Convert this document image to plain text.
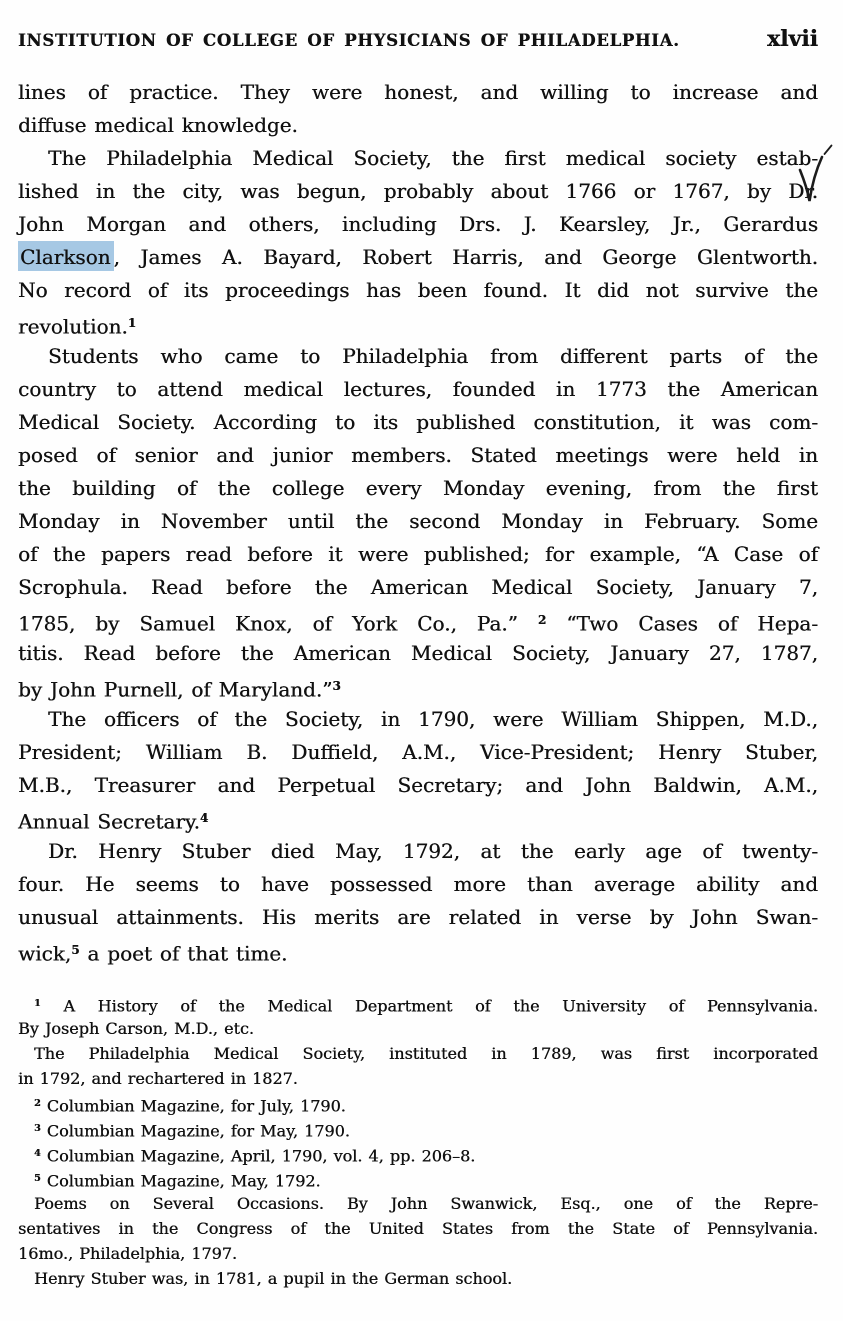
INSTITUTION OF COLLEGE OF PHYSICIANS OF PHILADELPHIA.	xlvii
lines of practice. They were honest, and willing to increase and
diffuse medical knowledge.
The Philadelphia Medical Society, the first medical society estab-
lished in the city, was begun, probably about 1766 or 1767, by Dr.
John Morgan and others, including Drs. J. Kearsley, Jr., Gerardus
Clarkson , James A. Bayard, Robert Harris, and George Glentworth.
No record of its proceedings has been found. It did not survive the
revolution.$^1$
Students who came to Philadelphia from different parts of the
country to attend medical lectures, founded in 1773 the American
Medical Society. According to its published constitution, it was com-
posed of senior and junior members. Stated meetings were held in
the building of the college every Monday evening, from the first
Monday in November until the second Monday in February. Some
of the papers read before it were published; for example, “A Case of
Scrophula. Read before the American Medical Society, January 7,
1785, by Samuel Knox, of York Co., Pa.” $^2$ “Two Cases of Hepa-
titis. Read before the American Medical Society, January 27, 1787,
by John Purnell, of Maryland.”$^3$
The officers of the Society, in 1790, were William Shippen, M.D.,
President; William B. Duffield, A.M., Vice-President; Henry Stuber,
M.B., Treasurer and Perpetual Secretary; and John Baldwin, A.M.,
Annual Secretary.$^4$
Dr. Henry Stuber died May, 1792, at the early age of twenty-
four. He seems to have possessed more than average ability and
unusual attainments. His merits are related in verse by John Swan-
wick,$^5$ a poet of that time.
$^1$ A History of the Medical Department of the University of Pennsylvania.
By Joseph Carson, M.D., etc.
The Philadelphia Medical Society, instituted in 1789, was first incorporated
in 1792, and rechartered in 1827.
$^2$ Columbian Magazine, for July, 1790.
$^3$ Columbian Magazine, for May, 1790.
$^4$ Columbian Magazine, April, 1790, vol. 4, pp. 206–8.
$^5$ Columbian Magazine, May, 1792.
Poems on Several Occasions. By John Swanwick, Esq., one of the Repre-
sentatives in the Congress of the United States from the State of Pennsylvania.
16mo., Philadelphia, 1797.
Henry Stuber was, in 1781, a pupil in the German school.
